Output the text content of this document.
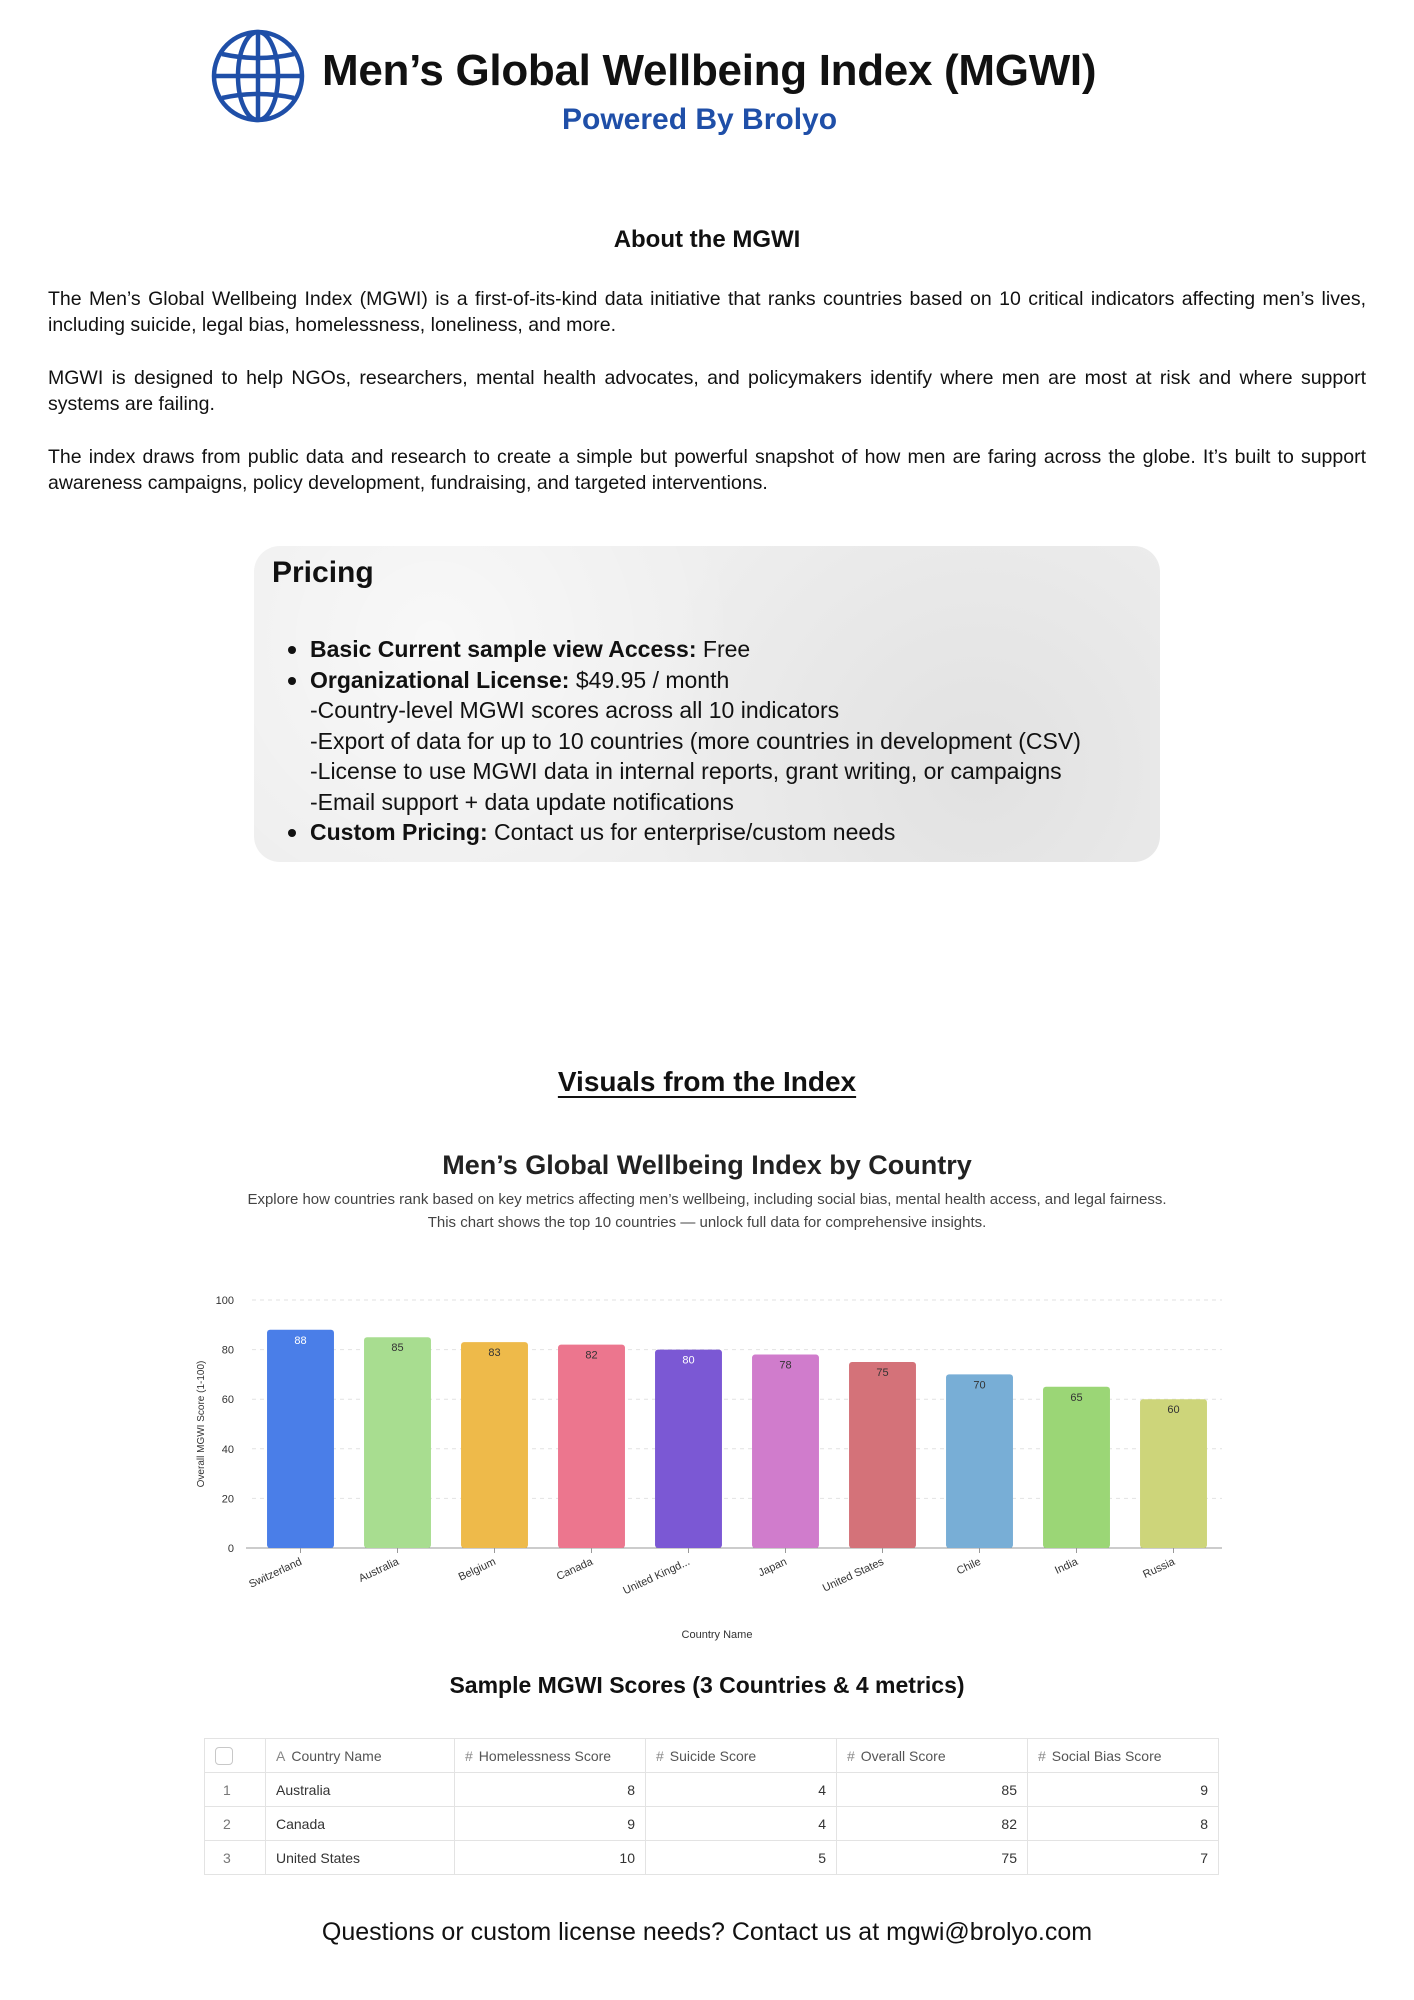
Men’s Global Wellbeing Index (MGWI)
Powered By Brolyo
About the MGWI
The Men’s Global Wellbeing Index (MGWI) is a first-of-its-kind data initiative that ranks countries based on 10 critical indicators affecting men’s lives, including suicide, legal bias, homelessness, loneliness, and more.
MGWI is designed to help NGOs, researchers, mental health advocates, and policymakers identify where men are most at risk and where support systems are failing.
The index draws from public data and research to create a simple but powerful snapshot of how men are faring across the globe. It’s built to support awareness campaigns, policy development, fundraising, and targeted interventions.
Pricing
Basic Current sample view Access: Free
Organizational License: $49.95 / month
-Country-level MGWI scores across all 10 indicators
-Export of data for up to 10 countries (more countries in development (CSV)
-License to use MGWI data in internal reports, grant writing, or campaigns
-Email support + data update notifications
Custom Pricing: Contact us for enterprise/custom needs
Visuals from the Index
Men’s Global Wellbeing Index by Country
Explore how countries rank based on key metrics affecting men’s wellbeing, including social bias, mental health access, and legal fairness.
This chart shows the top 10 countries — unlock full data for comprehensive insights.
0
20
40
60
80
100
88
Switzerland
85
Australia
83
Belgium
82
Canada
80
United Kingd...
78
Japan
75
United States
70
Chile
65
India
60
Russia
Country Name
Overall MGWI Score (1-100)
Sample MGWI Scores (3 Countries & 4 metrics)
	A Country Name	# Homelessness Score	# Suicide Score	# Overall Score	# Social Bias Score
1	Australia	8	4	85	9
2	Canada	9	4	82	8
3	United States	10	5	75	7
Questions or custom license needs? Contact us at mgwi@brolyo.com
